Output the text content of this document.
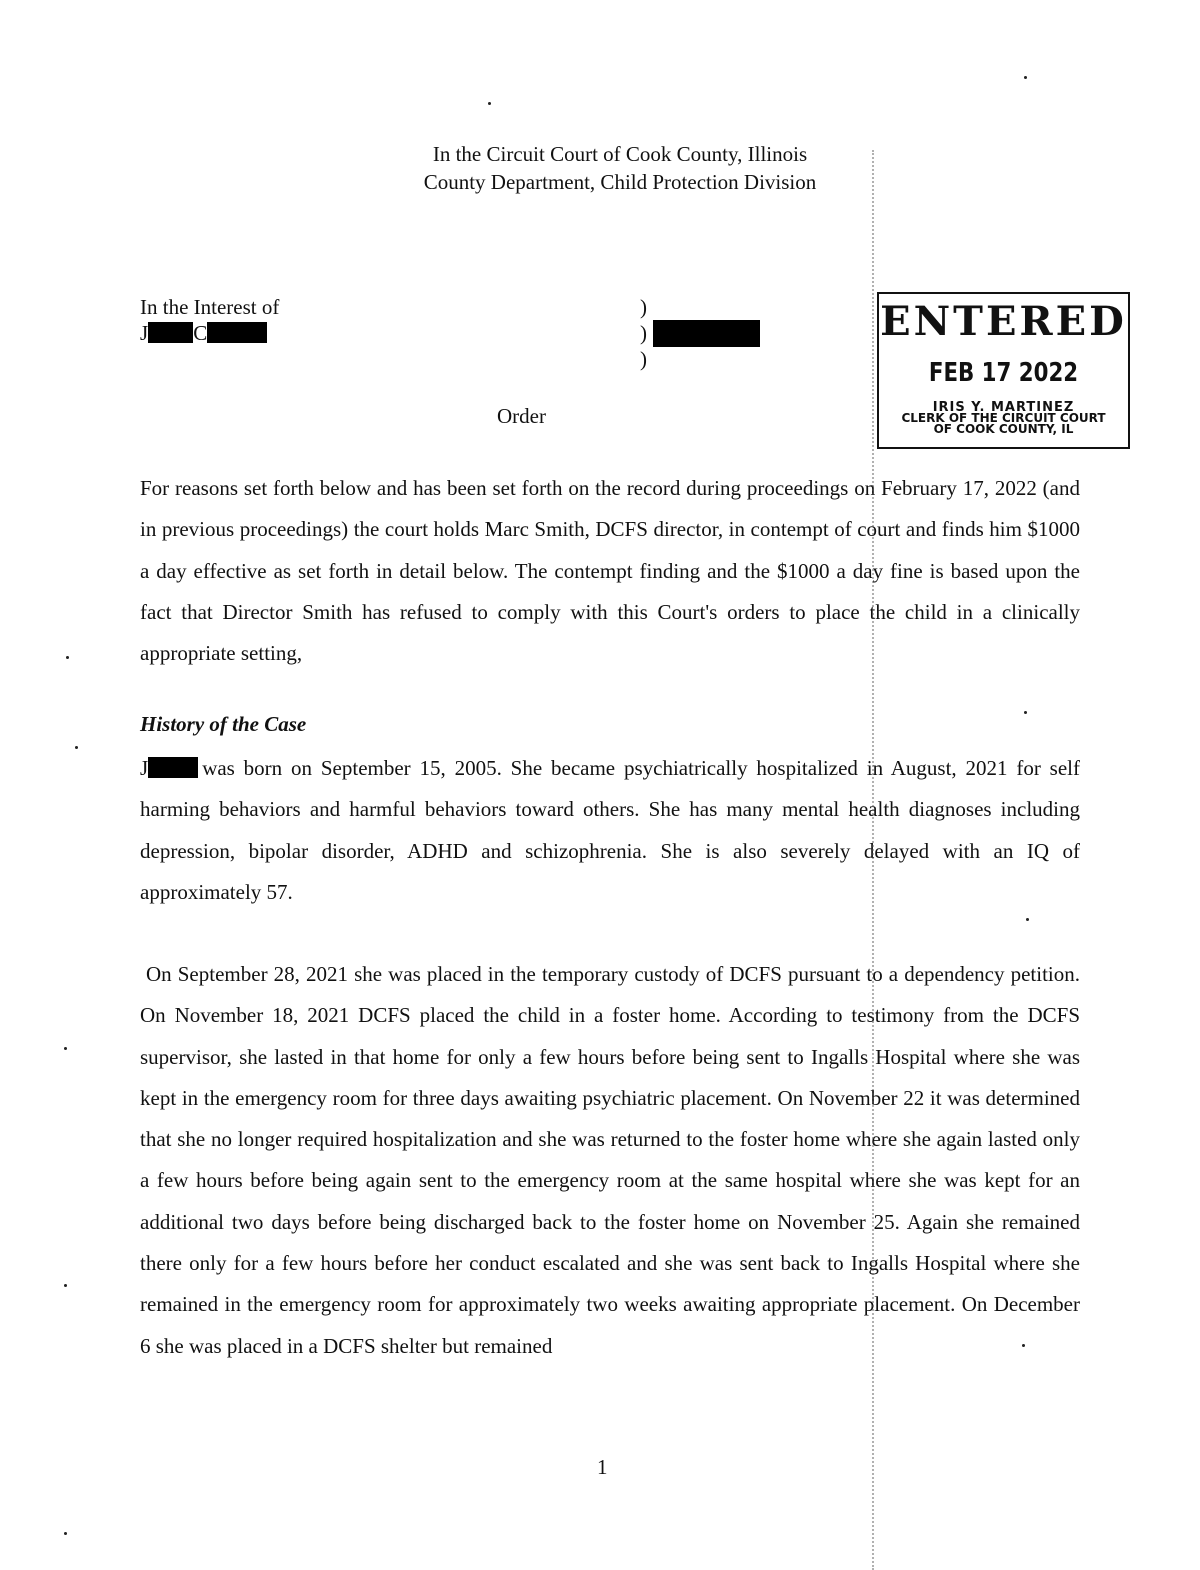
In the Circuit Court of Cook County, Illinois
County Department, Child Protection Division
In the Interest of
J C
)
)
)
Order
ENTERED
FEB 17 2022
IRIS Y. MARTINEZ
CLERK OF THE CIRCUIT COURT
OF COOK COUNTY, IL

For reasons set forth below and has been set forth on the record during proceedings on February 17, 2022 (and in previous proceedings) the court holds Marc Smith, DCFS director, in contempt of court and finds him $1000 a day effective as set forth in detail below. The contempt finding and the $1000 a day fine is based upon the fact that Director Smith has refused to comply with this Court's orders to place the child in a clinically appropriate setting,

History of the Case

J	was born on September 15, 2005. She became psychiatrically hospitalized in August, 2021 for self harming behaviors and harmful behaviors toward others. She has many mental health diagnoses including depression, bipolar disorder, ADHD and schizophrenia. She is also severely delayed with an IQ of approximately 57.

On September 28, 2021 she was placed in the temporary custody of DCFS pursuant to a dependency petition. On November 18, 2021 DCFS placed the child in a foster home. According to testimony from the DCFS supervisor, she lasted in that home for only a few hours before being sent to Ingalls Hospital where she was kept in the emergency room for three days awaiting psychiatric placement. On November 22 it was determined that she no longer required hospitalization and she was returned to the foster home where she again lasted only a few hours before being again sent to the emergency room at the same hospital where she was kept for an additional two days before being discharged back to the foster home on November 25. Again she remained there only for a few hours before her conduct escalated and she was sent back to Ingalls Hospital where she remained in the emergency room for approximately two weeks awaiting appropriate placement. On December 6 she was placed in a DCFS shelter but remained

1
